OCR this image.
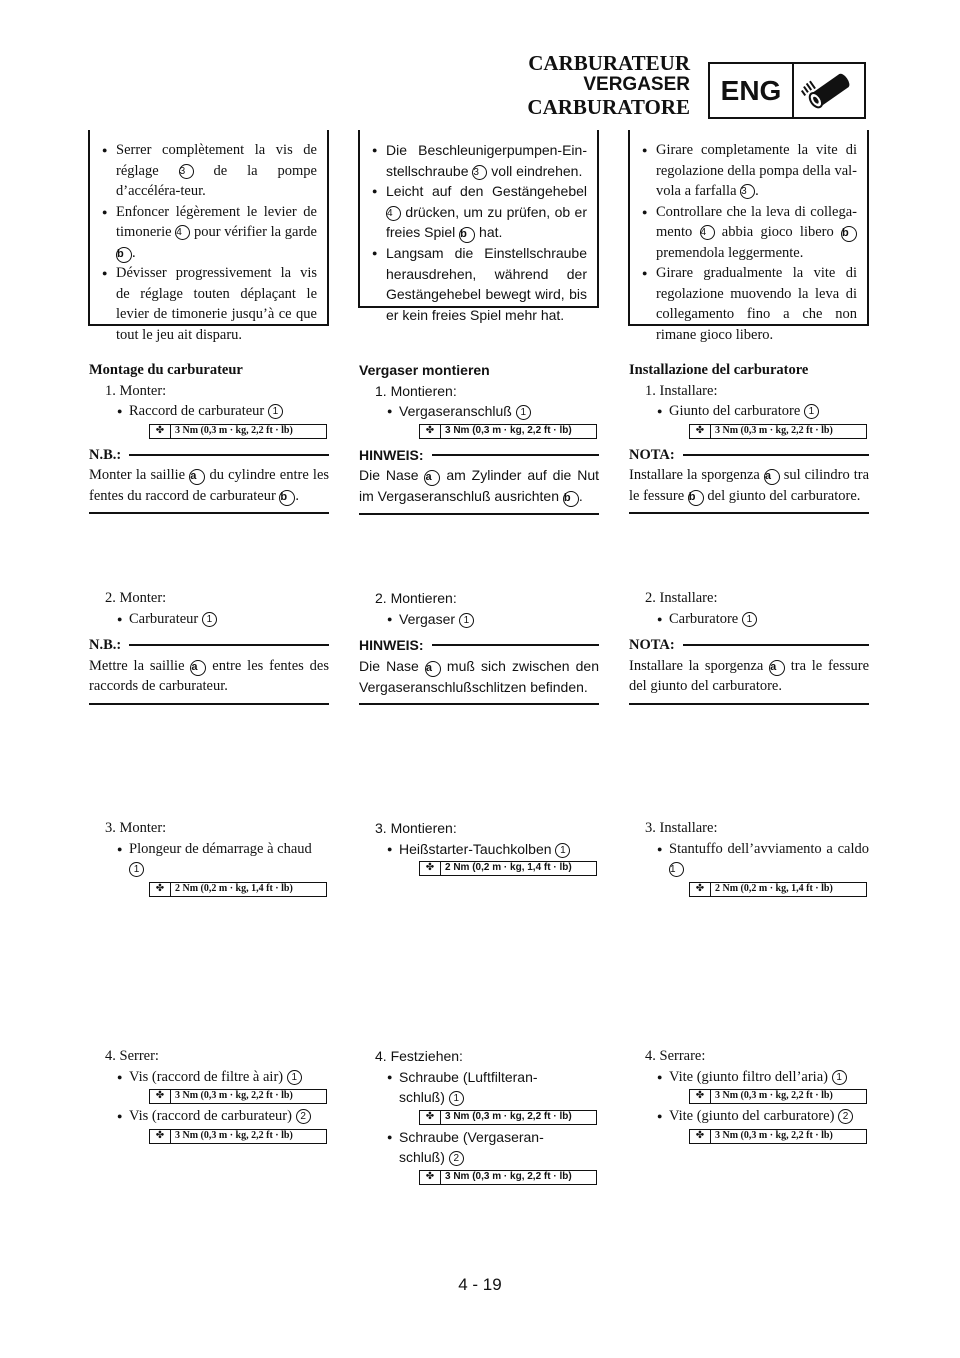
CARBURATEUR
VERGASER
CARBURATORE
ENG
● Serrer complètement la vis de réglage 3 de la pompe d’accéléra-teur.
● Enfoncer légèrement le levier de timonerie 4 pour vérifier la garde b .
● Dévisser progressivement la vis de réglage touten déplaçant le levier de timonerie jusqu’à ce que tout le jeu ait disparu.
● Die Beschleunigerpumpen-Ein-stellschraube 3 voll eindrehen.
● Leicht auf den Gestängehebel 4 drücken, um zu prüfen, ob er freies Spiel b hat.
● Langsam die Einstellschraube herausdrehen, während der Gestängehebel bewegt wird, bis er kein freies Spiel mehr hat.
● Girare completamente la vite di regolazione della pompa della val-vola a farfalla 3 .
● Controllare che la leva di collega-mento 4 abbia gioco libero b premendola leggermente.
● Girare gradualmente la vite di regolazione muovendo la leva di collegamento fino a che non rimane gioco libero.
Montage du carburateur
1. Monter:
● Raccord de carburateur 1
✤	3 Nm (0,3 m · kg, 2,2 ft · lb)
N.B.:
Monter la saillie a du cylindre entre les fentes du raccord de carburateur b .
2. Monter:
● Carburateur 1
N.B.:
Mettre la saillie a entre les fentes des raccords de carburateur.
3. Monter:
● Plongeur de démarrage à chaud
1
✤	2 Nm (0,2 m · kg, 1,4 ft · lb)
4. Serrer:
● Vis (raccord de filtre à air) 1
✤	3 Nm (0,3 m · kg, 2,2 ft · lb)
● Vis (raccord de carburateur) 2
✤	3 Nm (0,3 m · kg, 2,2 ft · lb)
Vergaser montieren
1. Montieren:
● Vergaseranschluß 1
✤	3 Nm (0,3 m · kg, 2,2 ft · lb)
HINWEIS:
Die Nase a am Zylinder auf die Nut im Vergaseranschluß ausrichten b .
2. Montieren:
● Vergaser 1
HINWEIS:
Die Nase a muß sich zwischen den Vergaseranschlußschlitzen befinden.
3. Montieren:
● Heißstarter-Tauchkolben 1
✤	2 Nm (0,2 m · kg, 1,4 ft · lb)
4. Festziehen:
● Schraube (Luftfilteran-schluß) 1
✤	3 Nm (0,3 m · kg, 2,2 ft · lb)
● Schraube (Vergaseran-schluß) 2
✤	3 Nm (0,3 m · kg, 2,2 ft · lb)
Installazione del carburatore
1. Installare:
● Giunto del carburatore 1
✤	3 Nm (0,3 m · kg, 2,2 ft · lb)
NOTA:
Installare la sporgenza a sul cilindro tra le fessure b del giunto del carburatore.
2. Installare:
● Carburatore 1
NOTA:
Installare la sporgenza a tra le fessure del giunto del carburatore.
3. Installare:
● Stantuffo dell’avviamento a caldo 1
✤	2 Nm (0,2 m · kg, 1,4 ft · lb)
4. Serrare:
● Vite (giunto filtro dell’aria) 1
✤	3 Nm (0,3 m · kg, 2,2 ft · lb)
● Vite (giunto del carburatore) 2
✤	3 Nm (0,3 m · kg, 2,2 ft · lb)
4 - 19
